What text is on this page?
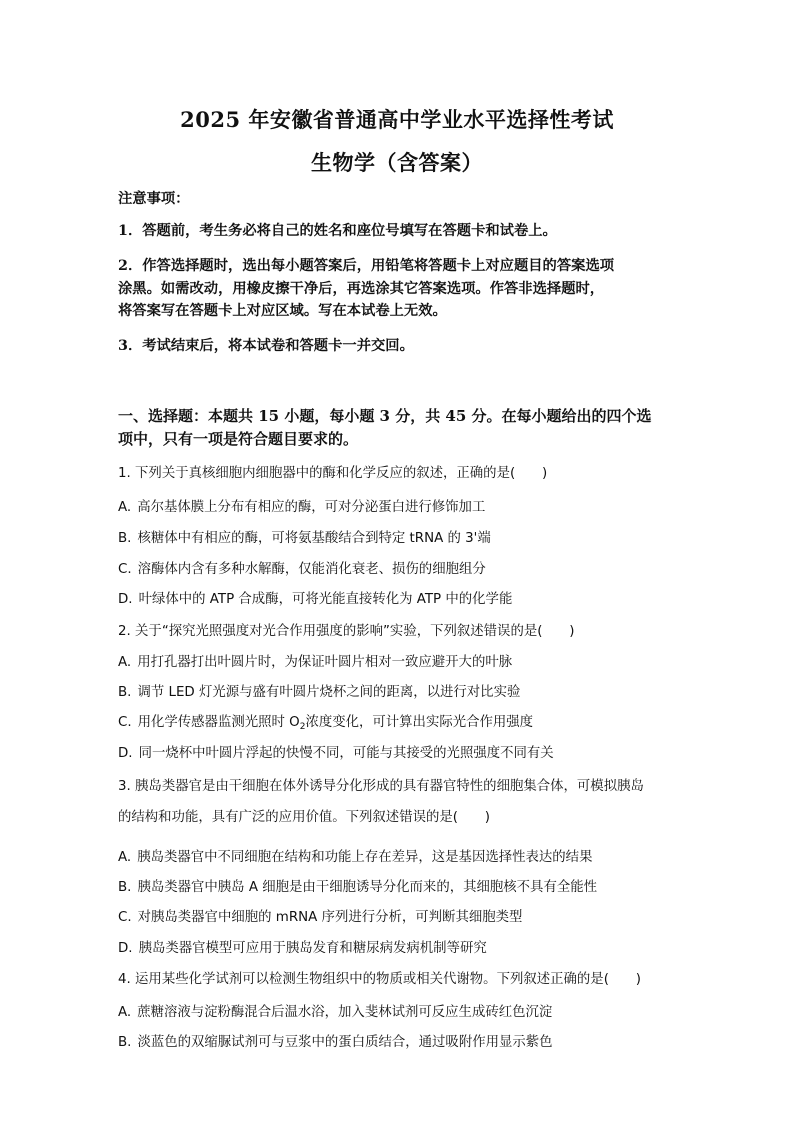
2025 年安徽省普通高中学业水平选择性考试
生物学（含答案）
注意事项：
1．答题前，考生务必将自己的姓名和座位号填写在答题卡和试卷上。
2．作答选择题时，选出每小题答案后，用铅笔将答题卡上对应题目的答案选项
涂黑。如需改动，用橡皮擦干净后，再选涂其它答案选项。作答非选择题时，
将答案写在答题卡上对应区域。写在本试卷上无效。
3．考试结束后，将本试卷和答题卡一并交回。
一、选择题：本题共 15 小题，每小题 3 分，共 45 分。在每小题给出的四个选
项中，只有一项是符合题目要求的。
1. 下列关于真核细胞内细胞器中的酶和化学反应的叙述，正确的是(　　)
A. 高尔基体膜上分布有相应的酶，可对分泌蛋白进行修饰加工
B. 核糖体中有相应的酶，可将氨基酸结合到特定 tRNA 的 3'端
C. 溶酶体内含有多种水解酶，仅能消化衰老、损伤的细胞组分
D. 叶绿体中的 ATP 合成酶，可将光能直接转化为 ATP 中的化学能
2. 关于“探究光照强度对光合作用强度的影响”实验，下列叙述错误的是(　　)
A. 用打孔器打出叶圆片时，为保证叶圆片相对一致应避开大的叶脉
B. 调节 LED 灯光源与盛有叶圆片烧杯之间的距离，以进行对比实验
C. 用化学传感器监测光照时 $O_2$浓度变化，可计算出实际光合作用强度
D. 同一烧杯中叶圆片浮起的快慢不同，可能与其接受的光照强度不同有关
3. 胰岛类器官是由干细胞在体外诱导分化形成的具有器官特性的细胞集合体，可模拟胰岛
的结构和功能，具有广泛的应用价值。下列叙述错误的是(　　)
A. 胰岛类器官中不同细胞在结构和功能上存在差异，这是基因选择性表达的结果
B. 胰岛类器官中胰岛 A 细胞是由干细胞诱导分化而来的，其细胞核不具有全能性
C. 对胰岛类器官中细胞的 mRNA 序列进行分析，可判断其细胞类型
D. 胰岛类器官模型可应用于胰岛发育和糖尿病发病机制等研究
4. 运用某些化学试剂可以检测生物组织中的物质或相关代谢物。下列叙述正确的是(　　)
A. 蔗糖溶液与淀粉酶混合后温水浴，加入斐林试剂可反应生成砖红色沉淀
B. 淡蓝色的双缩脲试剂可与豆浆中的蛋白质结合，通过吸附作用显示紫色
